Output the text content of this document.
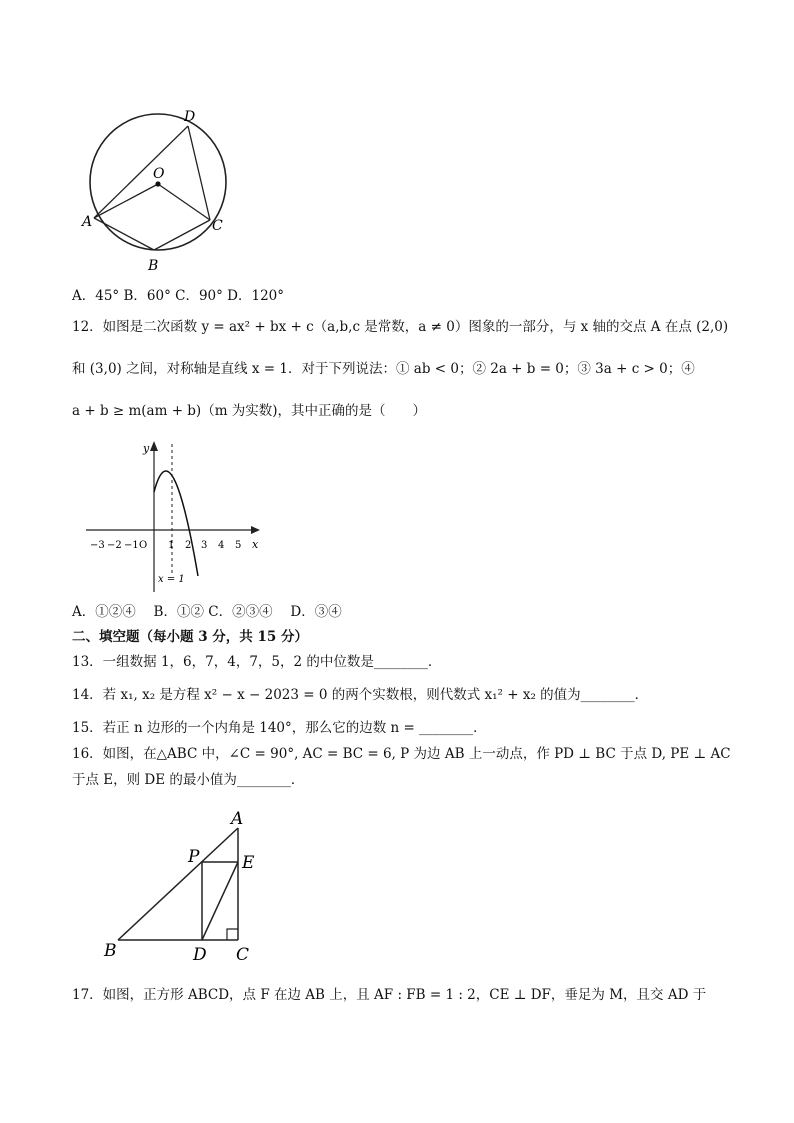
D
O
A	C
B
A．45° B．60° C．90° D．120°
12．如图是二次函数 y = ax² + bx + c（a,b,c 是常数，a ≠ 0）图象的一部分，与 x 轴的交点 A 在点 (2,0)
和 (3,0) 之间，对称轴是直线 x = 1．对于下列说法：① ab < 0；② 2a + b = 0；③ 3a + c > 0；④
a + b ≥ m(am + b)（m 为实数)，其中正确的是（　　）
y
x
−3 −2 −1 O 1 2 3 4 5
x = 1
A．①②④　 B．①② C．②③④　 D．③④
二、填空题（每小题 3 分，共 15 分）
13．一组数据 1，6，7，4，7，5，2 的中位数是________．
14．若 x₁, x₂ 是方程 x² − x − 2023 = 0 的两个实数根，则代数式 x₁² + x₂ 的值为________．
15．若正 n 边形的一个内角是 140°，那么它的边数 n = ________．
16．如图，在△ABC 中，∠C = 90°, AC = BC = 6, P 为边 AB 上一动点，作 PD ⊥ BC 于点 D, PE ⊥ AC
于点 E，则 DE 的最小值为________．
A
P	E
B	D C
17．如图，正方形 ABCD，点 F 在边 AB 上，且 AF : FB = 1 : 2，CE ⊥ DF，垂足为 M，且交 AD 于
